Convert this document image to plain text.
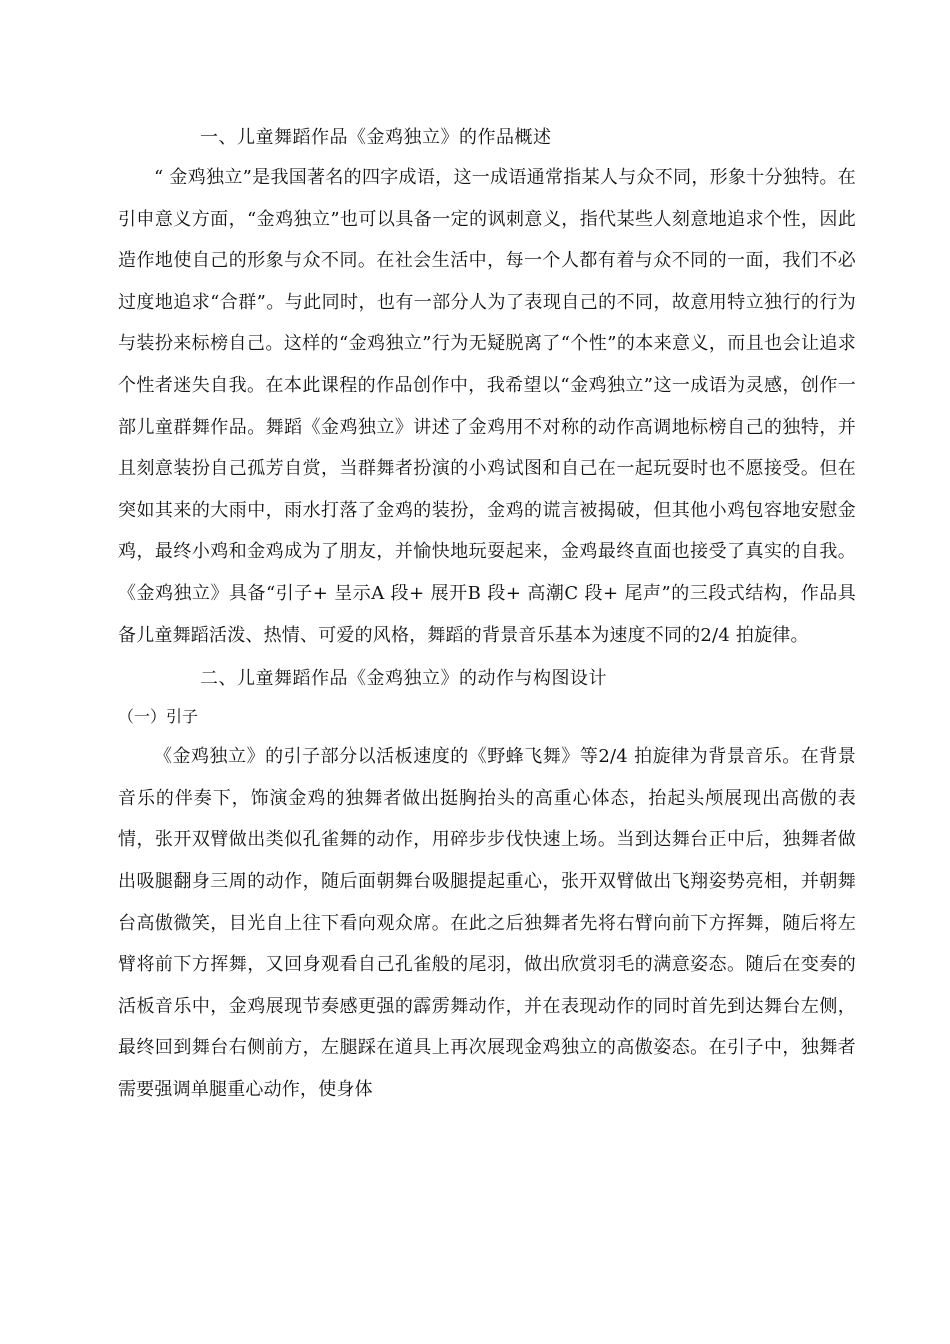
一、儿童舞蹈作品《金鸡独立》的作品概述

“ 金鸡独立”是我国著名的四字成语，这一成语通常指某人与众不同，形象十分独特。在引申意义方面，“金鸡独立”也可以具备一定的讽刺意义，指代某些人刻意地追求个性，因此造作地使自己的形象与众不同。在社会生活中，每一个人都有着与众不同的一面，我们不必过度地追求“合群”。与此同时，也有一部分人为了表现自己的不同，故意用特立独行的行为与装扮来标榜自己。这样的“金鸡独立”行为无疑脱离了“个性”的本来意义，而且也会让追求个性者迷失自我。在本此课程的作品创作中，我希望以“金鸡独立”这一成语为灵感，创作一部儿童群舞作品。舞蹈《金鸡独立》讲述了金鸡用不对称的动作高调地标榜自己的独特，并且刻意装扮自己孤芳自赏，当群舞者扮演的小鸡试图和自己在一起玩耍时也不愿接受。但在突如其来的大雨中，雨水打落了金鸡的装扮，金鸡的谎言被揭破，但其他小鸡包容地安慰金鸡，最终小鸡和金鸡成为了朋友，并愉快地玩耍起来，金鸡最终直面也接受了真实的自我。《金鸡独立》具备“引子+ 呈示A 段+ 展开B 段+ 高潮C 段+ 尾声”的三段式结构，作品具备儿童舞蹈活泼、热情、可爱的风格，舞蹈的背景音乐基本为速度不同的2/4 拍旋律。

二、儿童舞蹈作品《金鸡独立》的动作与构图设计

（一）引子

《金鸡独立》的引子部分以活板速度的《野蜂飞舞》等2/4 拍旋律为背景音乐。在背景音乐的伴奏下，饰演金鸡的独舞者做出挺胸抬头的高重心体态，抬起头颅展现出高傲的表情，张开双臂做出类似孔雀舞的动作，用碎步步伐快速上场。当到达舞台正中后，独舞者做出吸腿翻身三周的动作，随后面朝舞台吸腿提起重心，张开双臂做出飞翔姿势亮相，并朝舞台高傲微笑，目光自上往下看向观众席。在此之后独舞者先将右臂向前下方挥舞，随后将左臂将前下方挥舞，又回身观看自己孔雀般的尾羽，做出欣赏羽毛的满意姿态。随后在变奏的活板音乐中，金鸡展现节奏感更强的霹雳舞动作，并在表现动作的同时首先到达舞台左侧，最终回到舞台右侧前方，左腿踩在道具上再次展现金鸡独立的高傲姿态。在引子中，独舞者需要强调单腿重心动作，使身体
